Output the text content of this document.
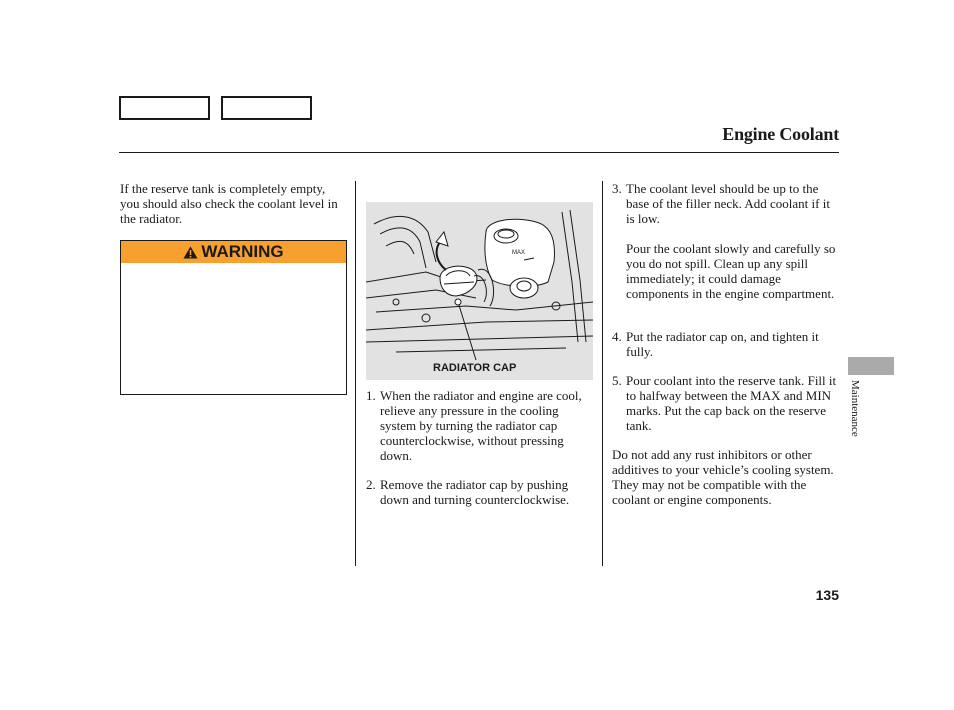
Engine Coolant

If the reserve tank is completely empty, you should also check the coolant level in the radiator.

WARNING	MAX
RADIATOR CAP
1. When the radiator and engine are cool, relieve any pressure in the cooling system by turning the radiator cap counterclockwise, without pressing down.
2. Remove the radiator cap by pushing down and turning counterclockwise.
3. The coolant level should be up to the base of the filler neck. Add coolant if it is low.
Pour the coolant slowly and carefully so you do not spill. Clean up any spill immediately; it could damage components in the engine compartment.
4. Put the radiator cap on, and tighten it fully.
5. Pour coolant into the reserve tank. Fill it to halfway between the MAX and MIN marks. Put the cap back on the reserve tank.

Do not add any rust inhibitors or other additives to your vehicle’s cooling system. They may not be compatible with the coolant or engine components.

Maintenance
135
